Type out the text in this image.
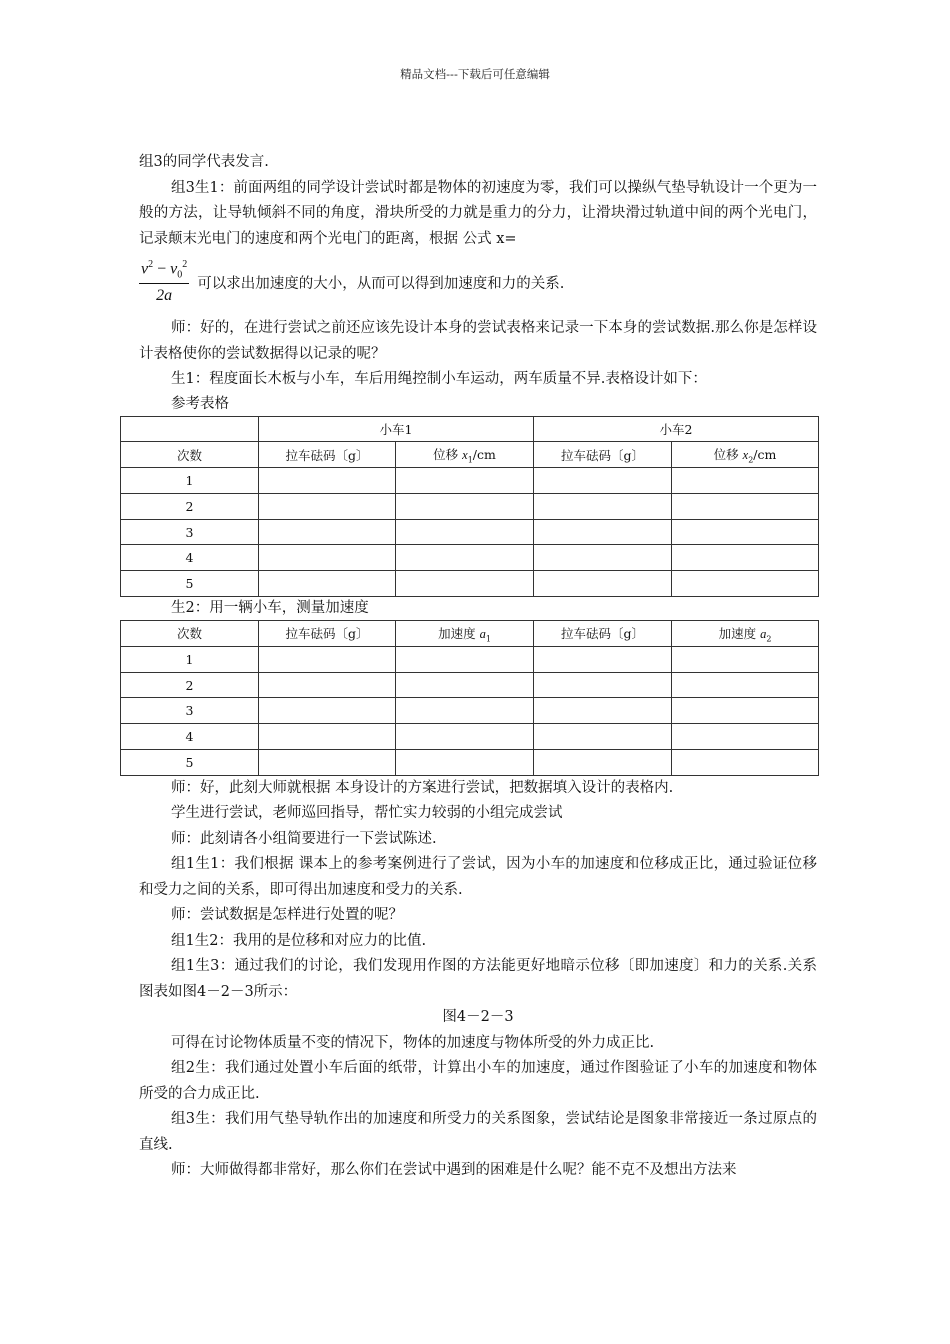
精品文档---下载后可任意编辑

组3的同学代表发言.

组3生1：前面两组的同学设计尝试时都是物体的初速度为零，我们可以操纵气垫导轨设计一个更为一般的方法，让导轨倾斜不同的角度，滑块所受的力就是重力的分力，让滑块滑过轨道中间的两个光电门，记录颠末光电门的速度和两个光电门的距离，根据 公式 x=

$\frac{v^2 - v_0^2}{2a}$ 可以求出加速度的大小，从而可以得到加速度和力的关系.

师：好的，在进行尝试之前还应该先设计本身的尝试表格来记录一下本身的尝试数据.那么你是怎样设计表格使你的尝试数据得以记录的呢？

生1：程度面长木板与小车，车后用绳控制小车运动，两车质量不异.表格设计如下：

参考表格

	小车1		小车2	
次数	拉车砝码〔g〕	位移 $x_1/cm$	拉车砝码〔g〕	位移 $x_2/cm$
1				
2				
3				
4				
5				

生2：用一辆小车，测量加速度

次数	拉车砝码〔g〕	加速度 $a_1$	拉车砝码〔g〕	加速度 $a_2$
1				
2				
3				
4				
5				

师：好，此刻大师就根据 本身设计的方案进行尝试，把数据填入设计的表格内.

学生进行尝试，老师巡回指导，帮忙实力较弱的小组完成尝试

师：此刻请各小组简要进行一下尝试陈述.

组1生1：我们根据 课本上的参考案例进行了尝试，因为小车的加速度和位移成正比，通过验证位移和受力之间的关系，即可得出加速度和受力的关系.

师：尝试数据是怎样进行处置的呢？

组1生2：我用的是位移和对应力的比值.

组1生3：通过我们的讨论，我们发现用作图的方法能更好地暗示位移〔即加速度〕和力的关系.关系图表如图4－2－3所示：

图4－2－3

可得在讨论物体质量不变的情况下，物体的加速度与物体所受的外力成正比.

组2生：我们通过处置小车后面的纸带，计算出小车的加速度，通过作图验证了小车的加速度和物体所受的合力成正比.

组3生：我们用气垫导轨作出的加速度和所受力的关系图象，尝试结论是图象非常接近一条过原点的直线.

师：大师做得都非常好，那么你们在尝试中遇到的困难是什么呢？能不克不及想出方法来
